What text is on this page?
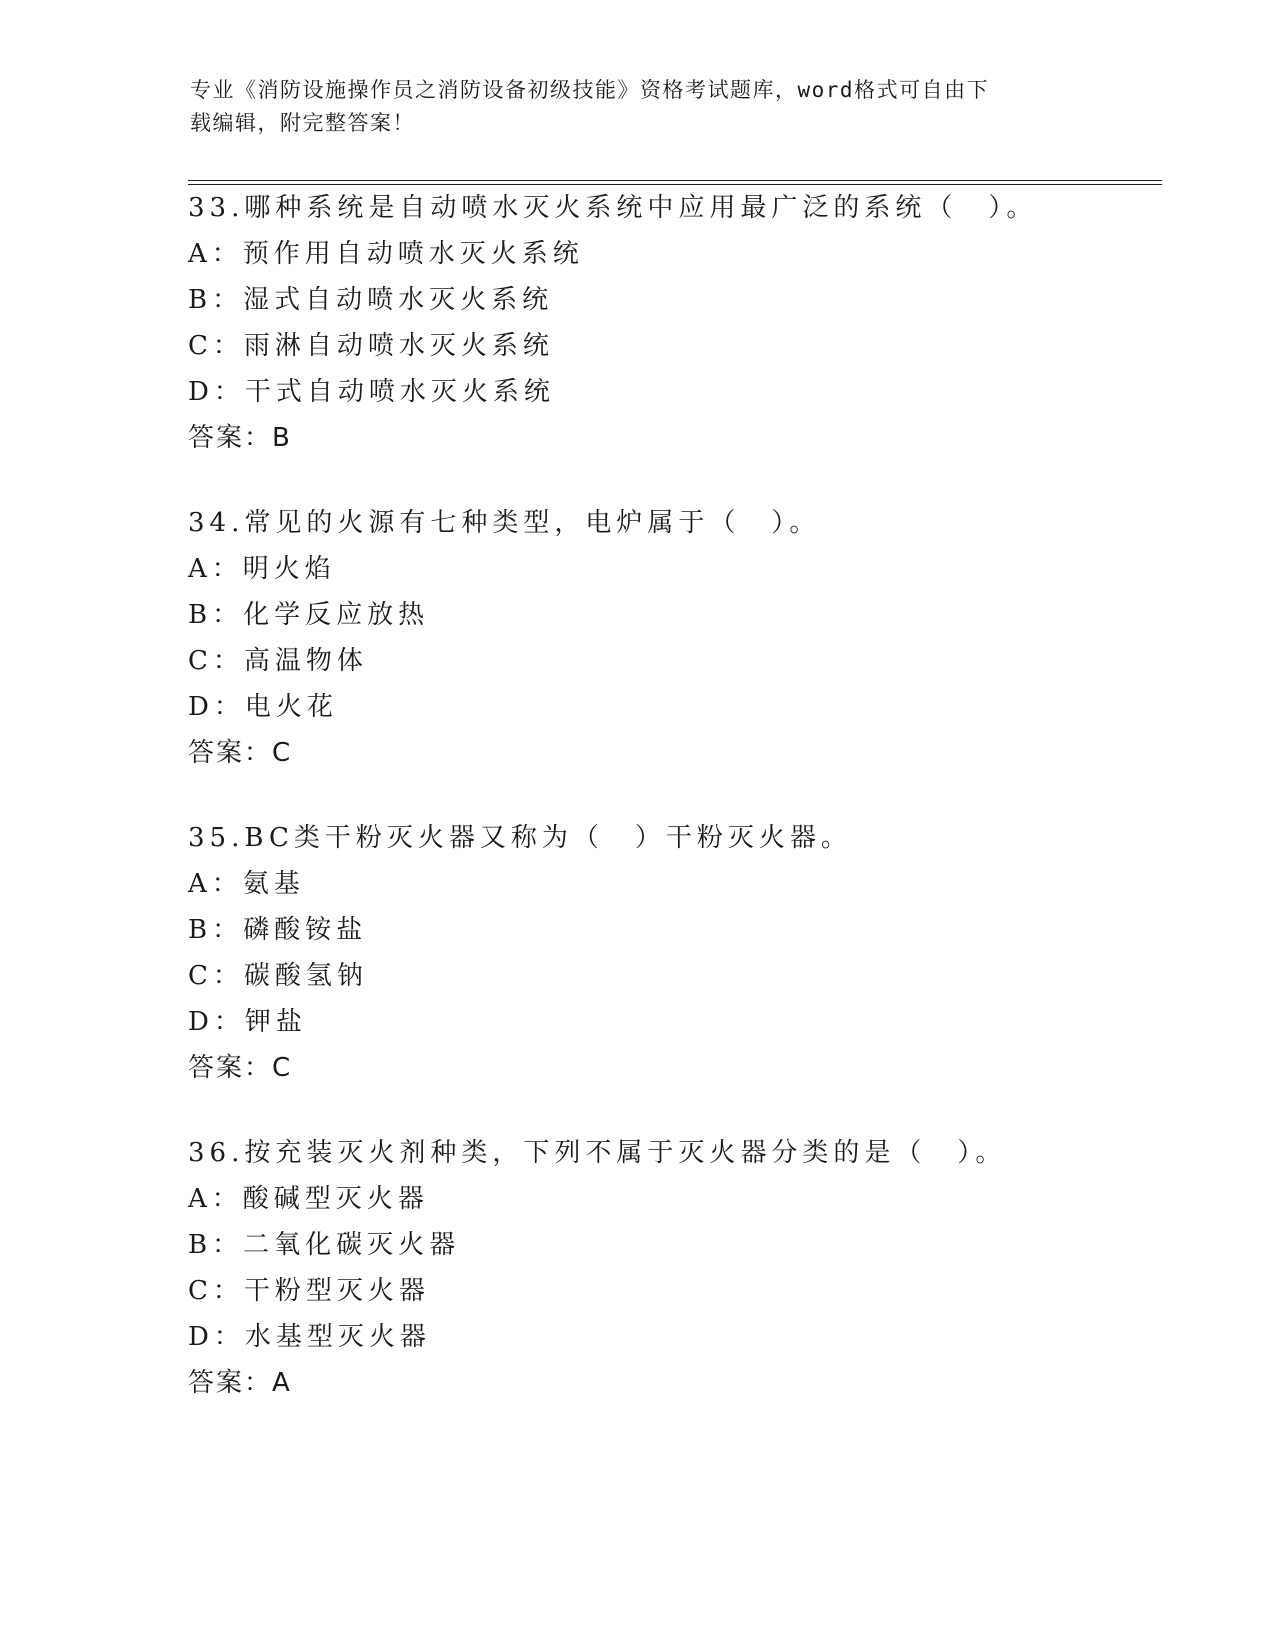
专业《消防设施操作员之消防设备初级技能》资格考试题库，word格式可自由下
载编辑，附完整答案！
33.哪种系统是自动喷水灭火系统中应用最广泛的系统（　）。
A：预作用自动喷水灭火系统
B：湿式自动喷水灭火系统
C：雨淋自动喷水灭火系统
D：干式自动喷水灭火系统
答案：B
34.常见的火源有七种类型，电炉属于（　）。
A：明火焰
B：化学反应放热
C：高温物体
D：电火花
答案：C
35.BC类干粉灭火器又称为（　）干粉灭火器。
A：氨基
B：磷酸铵盐
C：碳酸氢钠
D：钾盐
答案：C
36.按充装灭火剂种类，下列不属于灭火器分类的是（　）。
A：酸碱型灭火器
B：二氧化碳灭火器
C：干粉型灭火器
D：水基型灭火器
答案：A
